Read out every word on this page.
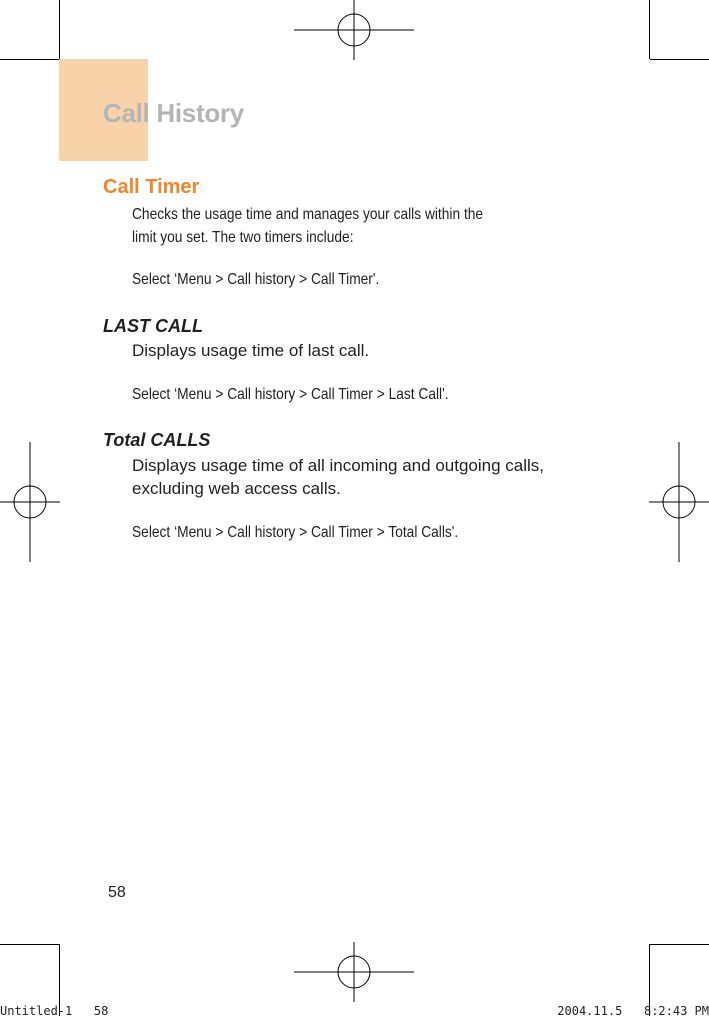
Call History
Call Timer
Checks the usage time and manages your calls within the
limit you set. The two timers include:
Select ‘Menu > Call history > Call Timer'.
LAST CALL
Displays usage time of last call.
Select ‘Menu > Call history > Call Timer > Last Call'.
Total CALLS
Displays usage time of all incoming and outgoing calls,
excluding web access calls.
Select ‘Menu > Call history > Call Timer > Total Calls'.
58
Untitled-1   58	2004.11.5   8:2:43 PM
